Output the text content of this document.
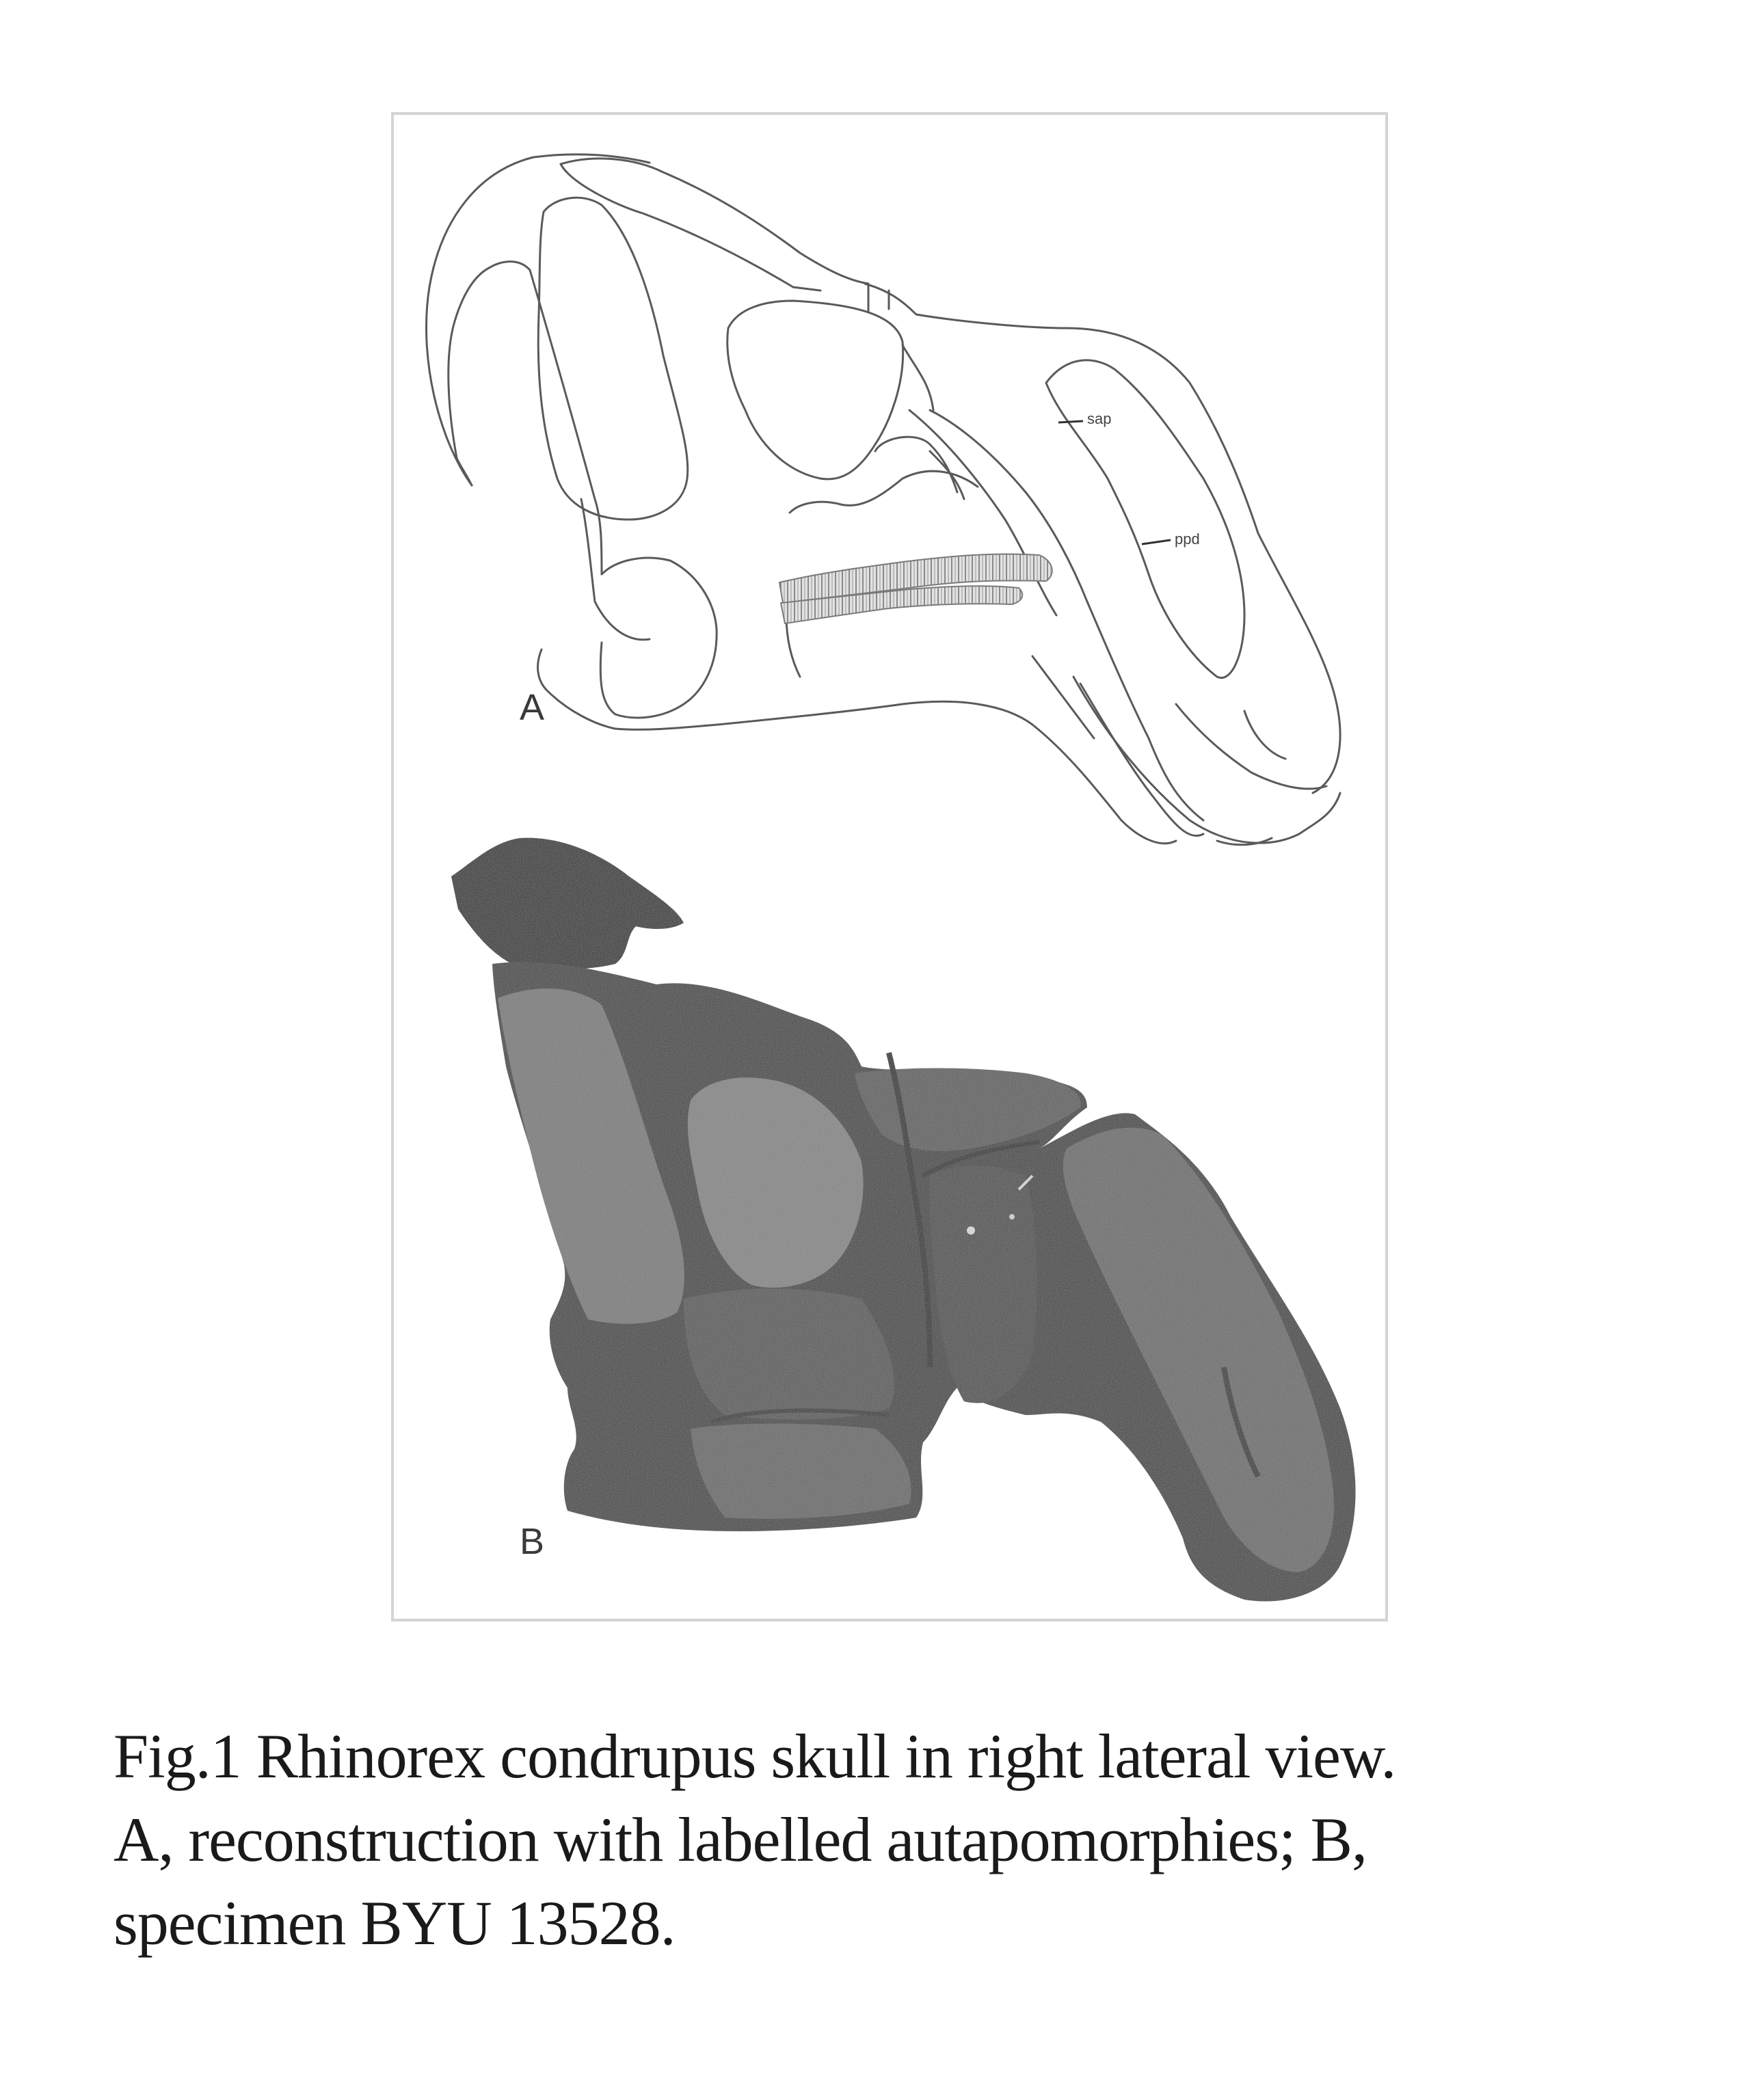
A
B
sap
ppd
Fig.1 Rhinorex condrupus skull in right lateral view.
A, reconstruction with labelled autapomorphies; B,
specimen BYU 13528.
